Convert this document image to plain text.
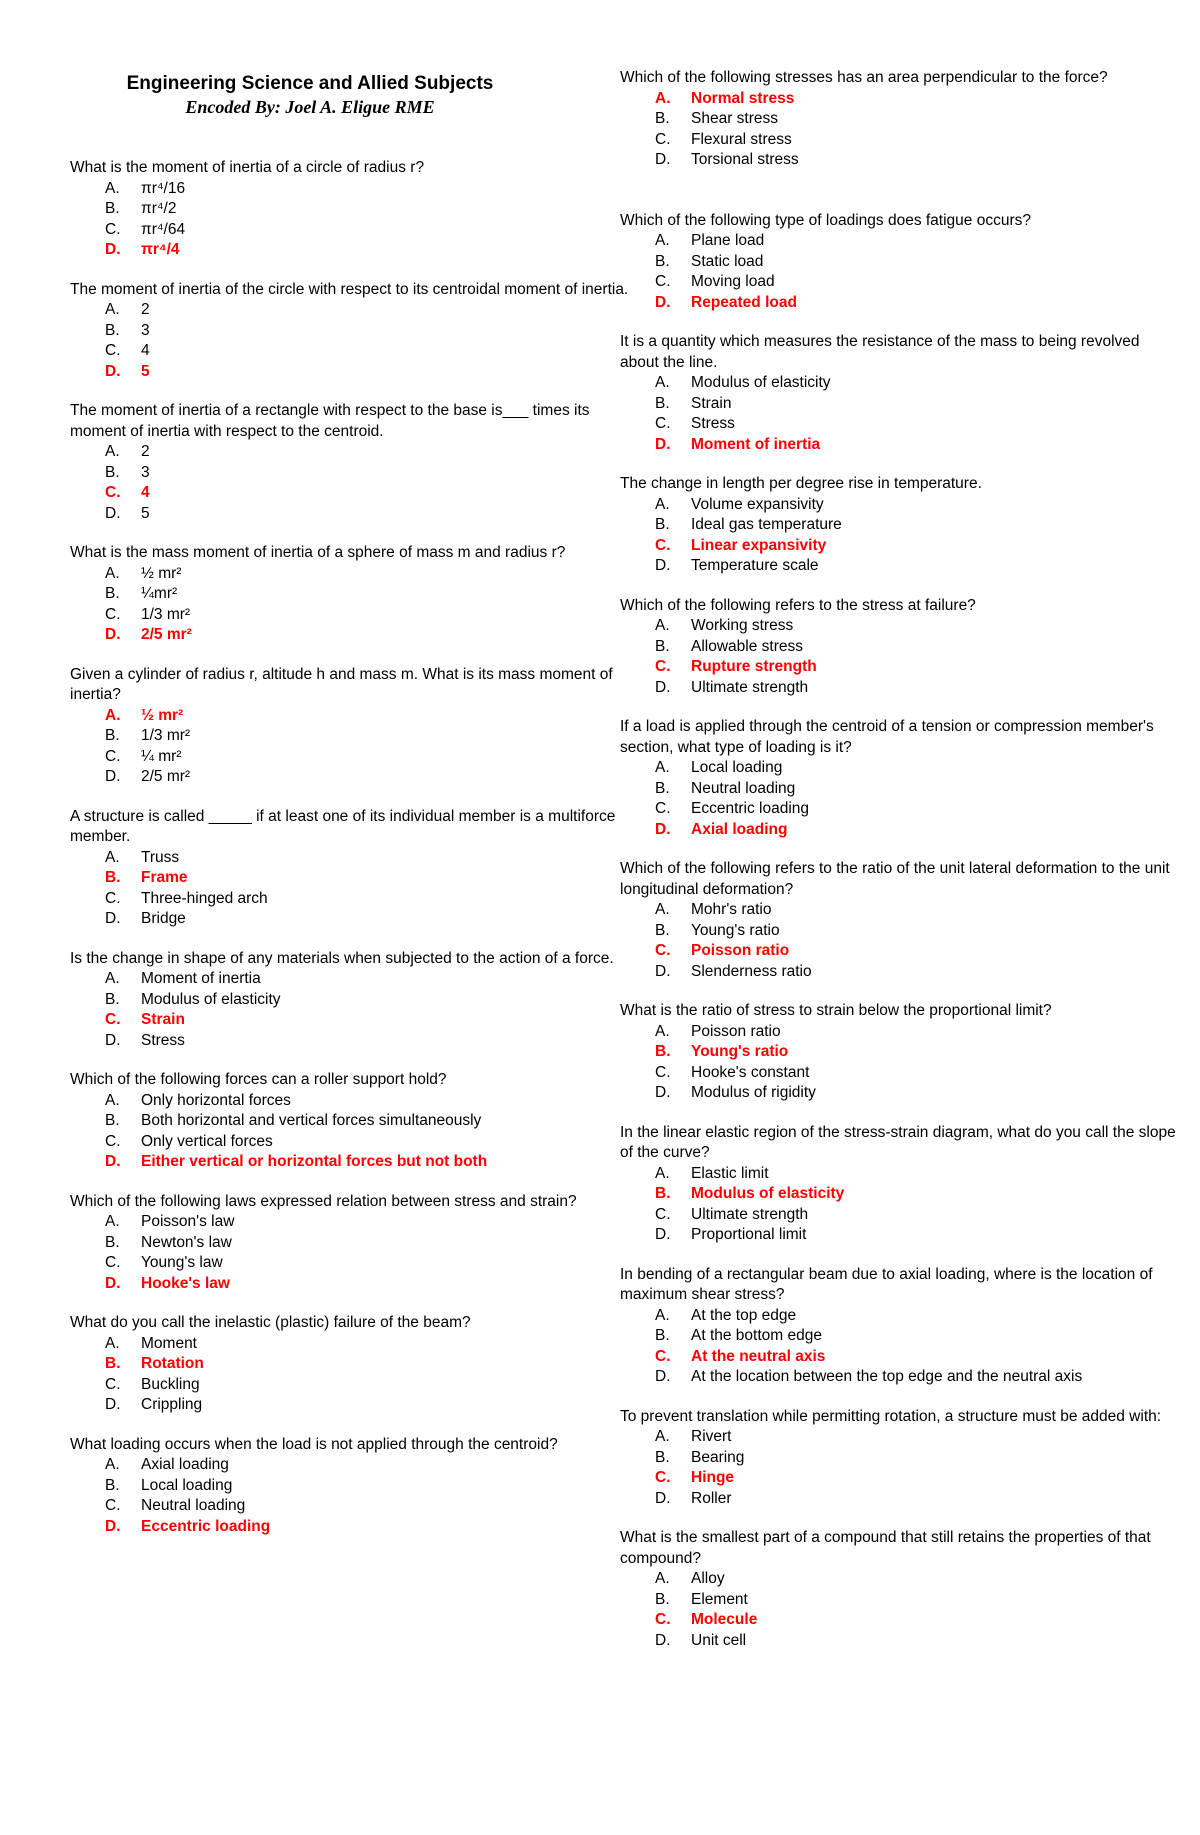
Engineering Science and Allied Subjects
Encoded By: Joel A. Eligue RME
What is the moment of inertia of a circle of radius r?
A.	πr⁴/16
B.	πr⁴/2
C.	πr⁴/64
D.	πr⁴/4
The moment of inertia of the circle with respect to its centroidal moment of inertia.
A.	2
B.	3
C.	4
D.	5
The moment of inertia of a rectangle with respect to the base is___ times its moment of inertia with respect to the centroid.
A.	2
B.	3
C.	4
D.	5
What is the mass moment of inertia of a sphere of mass m and radius r?
A.	½ mr²
B.	¼mr²
C.	1/3 mr²
D.	2/5 mr²
Given a cylinder of radius r, altitude h and mass m. What is its mass moment of inertia?
A.	½ mr²
B.	1/3 mr²
C.	¼ mr²
D.	2/5 mr²
A structure is called _____ if at least one of its individual member is a multiforce member.
A.	Truss
B.	Frame
C.	Three-hinged arch
D.	Bridge
Is the change in shape of any materials when subjected to the action of a force.
A.	Moment of inertia
B.	Modulus of elasticity
C.	Strain
D.	Stress
Which of the following forces can a roller support hold?
A.	Only horizontal forces
B.	Both horizontal and vertical forces simultaneously
C.	Only vertical forces
D.	Either vertical or horizontal forces but not both
Which of the following laws expressed relation between stress and strain?
A.	Poisson's law
B.	Newton's law
C.	Young's law
D.	Hooke's law
What do you call the inelastic (plastic) failure of the beam?
A.	Moment
B.	Rotation
C.	Buckling
D.	Crippling
What loading occurs when the load is not applied through the centroid?
A.	Axial loading
B.	Local loading
C.	Neutral loading
D.	Eccentric loading
Which of the following stresses has an area perpendicular to the force?
A.	Normal stress
B.	Shear stress
C.	Flexural stress
D.	Torsional stress
Which of the following type of loadings does fatigue occurs?
A.	Plane load
B.	Static load
C.	Moving load
D.	Repeated load
It is a quantity which measures the resistance of the mass to being revolved about the line.
A.	Modulus of elasticity
B.	Strain
C.	Stress
D.	Moment of inertia
The change in length per degree rise in temperature.
A.	Volume expansivity
B.	Ideal gas temperature
C.	Linear expansivity
D.	Temperature scale
Which of the following refers to the stress at failure?
A.	Working stress
B.	Allowable stress
C.	Rupture strength
D.	Ultimate strength
If a load is applied through the centroid of a tension or compression member's section, what type of loading is it?
A.	Local loading
B.	Neutral loading
C.	Eccentric loading
D.	Axial loading
Which of the following refers to the ratio of the unit lateral deformation to the unit longitudinal deformation?
A.	Mohr's ratio
B.	Young's ratio
C.	Poisson ratio
D.	Slenderness ratio
What is the ratio of stress to strain below the proportional limit?
A.	Poisson ratio
B.	Young's ratio
C.	Hooke's constant
D.	Modulus of rigidity
In the linear elastic region of the stress-strain diagram, what do you call the slope of the curve?
A.	Elastic limit
B.	Modulus of elasticity
C.	Ultimate strength
D.	Proportional limit
In bending of a rectangular beam due to axial loading, where is the location of maximum shear stress?
A.	At the top edge
B.	At the bottom edge
C.	At the neutral axis
D.	At the location between the top edge and the neutral axis
To prevent translation while permitting rotation, a structure must be added with:
A.	Rivert
B.	Bearing
C.	Hinge
D.	Roller
What is the smallest part of a compound that still retains the properties of that compound?
A.	Alloy
B.	Element
C.	Molecule
D.	Unit cell
